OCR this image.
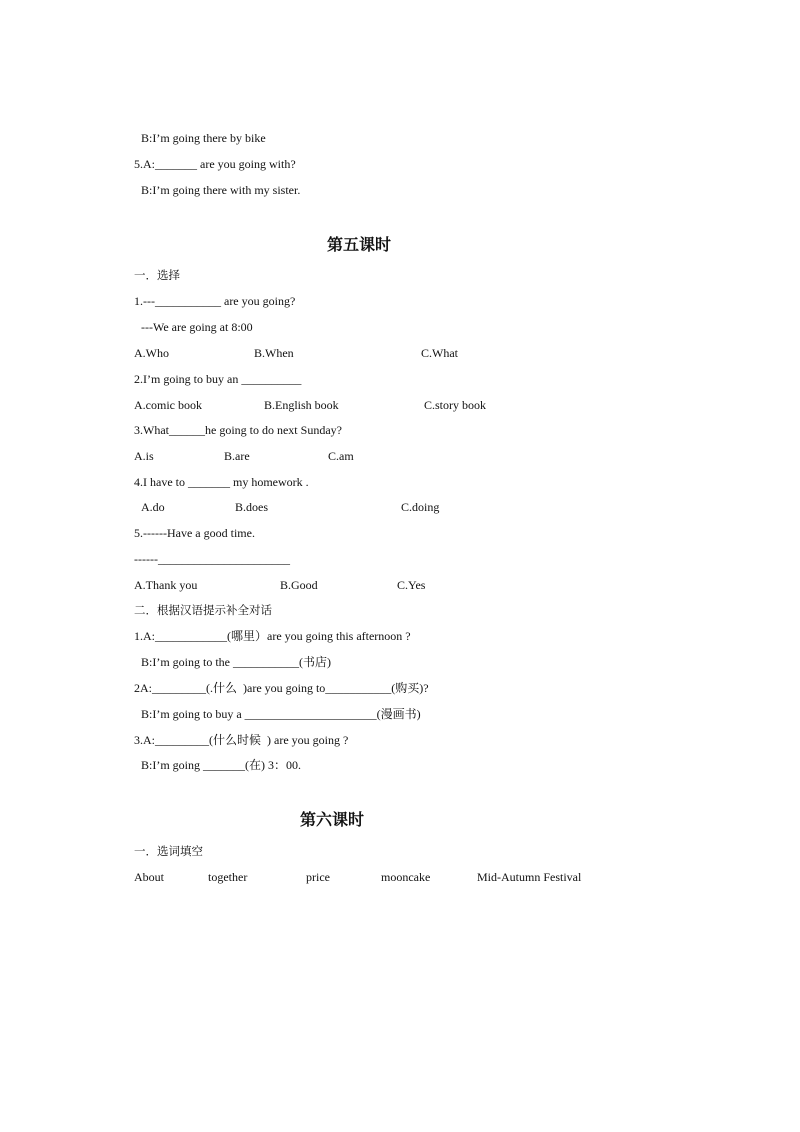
B:I’m going there by bike
5.A:_______ are you going with?
B:I’m going there with my sister.
第五课时
一．选择
1.---___________ are you going?
---We are going at 8:00
A.Who	B.When	C.What
2.I’m going to buy an __________
A.comic book	B.English book	C.story book
3.What______he going to do next Sunday?
A.is	B.are	C.am
4.I have to _______ my homework .
A.do	B.does	C.doing
5.------Have a good time.
------______________________
A.Thank you	B.Good	C.Yes
二．根据汉语提示补全对话
1.A:____________(哪里）are you going this afternoon ?
B:I’m going to the ___________(书店)
2A:_________(.什么  )are you going to___________(购买)?
B:I’m going to buy a ______________________(漫画书)
3.A:_________(什么时候  ) are you going ?
B:I’m going _______(在) 3：00.
第六课时
一．选词填空
About	together	price	mooncake	Mid-Autumn Festival
